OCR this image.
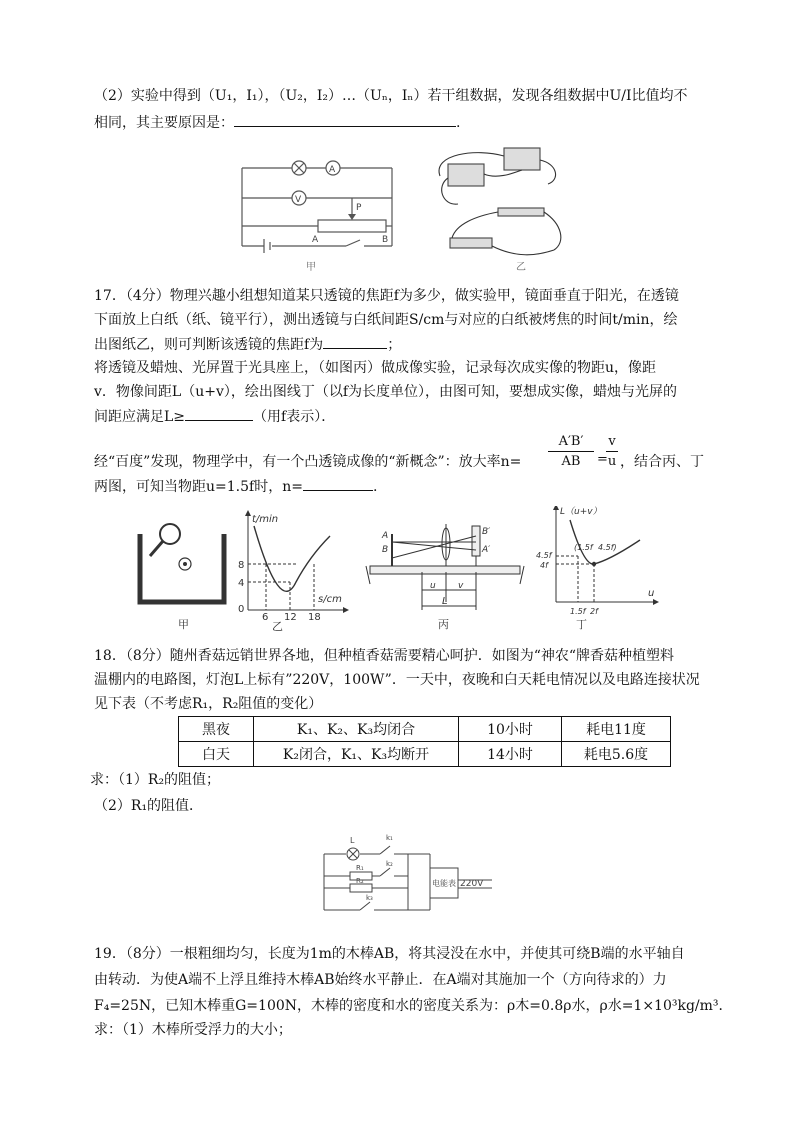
（2）实验中得到（U₁，I₁），（U₂，I₂）…（Uₙ，Iₙ）若干组数据，发现各组数据中U/I比值均不
相同，其主要原因是：	.
A
V
P
A	B
甲	乙
17．（4分）物理兴趣小组想知道某只透镜的焦距f为多少，做实验甲，镜面垂直于阳光，在透镜
下面放上白纸（纸、镜平行），测出透镜与白纸间距S/cm与对应的白纸被烤焦的时间t/min，绘
出图纸乙，则可判断该透镜的焦距f为	；
将透镜及蜡烛、光屏置于光具座上，（如图丙）做成像实验，记录每次成实像的物距u，像距
v．物像间距L（u+v），绘出图线丁（以f为长度单位），由图可知，要想成实像，蜡烛与光屏的
间距应满足L≥	（用f表示）．
经“百度”发现，物理学中，有一个凸透镜成像的“新概念”：放大率$n= \frac{A'B'}{AB}$ =
$\frac{v}{u}$ ，结合丙、丁
两图，可知当物距u=1.5f时，n=	.
甲
t/min
s/cm
8
4
0
6 12 18
乙
A
B
B′
A′
u v
L
丙
L（u+v）
u
(1.5f 4.5f)
4.5f
4f
1.5f 2f
丁
18．（8分）随州香菇远销世界各地，但种植香菇需要精心呵护．如图为“神农“牌香菇种植塑料
温棚内的电路图，灯泡L上标有”220V，100W”．一天中，夜晚和白天耗电情况以及电路连接状况
见下表（不考虑R₁，R₂阻值的变化）
黑夜	K₁、K₂、K₃均闭合	10小时	耗电11度
白天	K₂闭合，K₁、K₃均断开	14小时	耗电5.6度
求：（1）R₂的阻值；
（2）R₁的阻值．
L	k₁
k₂
R₁
R₂
k₃
电能表 220V
19．（8分）一根粗细均匀，长度为1m的木棒AB，将其浸没在水中，并使其可绕B端的水平轴自
由转动．为使A端不上浮且维持木棒AB始终水平静止．在A端对其施加一个（方向待求的）力
F₄=25N，已知木棒重G=100N，木棒的密度和水的密度关系为：ρ木=0.8ρ水，ρ水=1×10³kg/m³．
求：（1）木棒所受浮力的大小；
